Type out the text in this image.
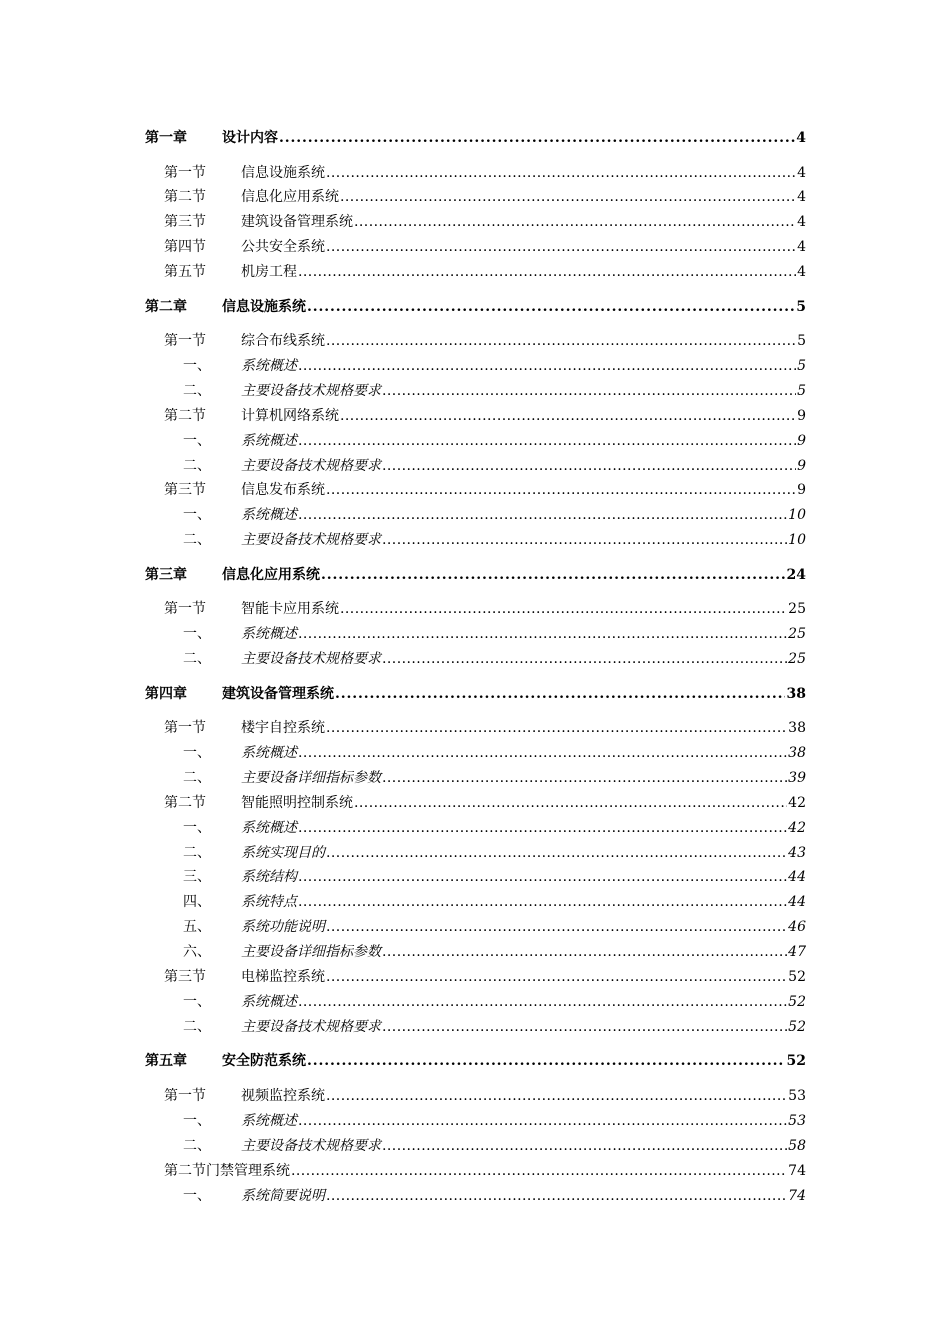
第一章	设计内容 . . .	4
第一节	信息设施系统 . . .	4
第二节	信息化应用系统 . . .	4
第三节	建筑设备管理系统 . . .	4
第四节	公共安全系统 . . .	4
第五节	机房工程 . . .	4
第二章	信息设施系统 . . .	5
第一节	综合布线系统 . . .	5
一、 系统概述 . . .	5
二、 主要设备技术规格要求 . . .	5
第二节	计算机网络系统 . . .	9
一、 系统概述 . . .	9
二、 主要设备技术规格要求 . . .	9
第三节	信息发布系统 . . .	9
一、 系统概述 . . .	10
二、 主要设备技术规格要求 . . .	10
第三章	信息化应用系统 . . .	24
第一节	智能卡应用系统 . . .	25
一、 系统概述 . . .	25
二、 主要设备技术规格要求 . . .	25
第四章	建筑设备管理系统 . . .	38
第一节	楼宇自控系统 . . .	38
一、 系统概述 . . .	38
二、 主要设备详细指标参数 . . .	39
第二节	智能照明控制系统 . . .	42
一、 系统概述 . . .	42
二、 系统实现目的 . . .	43
三、 系统结构 . . .	44
四、 系统特点 . . .	44
五、 系统功能说明 . . .	46
六、 主要设备详细指标参数 . . .	47
第三节	电梯监控系统 . . .	52
一、 系统概述 . . .	52
二、 主要设备技术规格要求 . . .	52
第五章	安全防范系统 . . .	52
第一节	视频监控系统 . . .	53
一、 系统概述 . . .	53
二、 主要设备技术规格要求 . . .	58
第二节门禁管理系统 . . .	74
一、 系统简要说明 . . .	74
